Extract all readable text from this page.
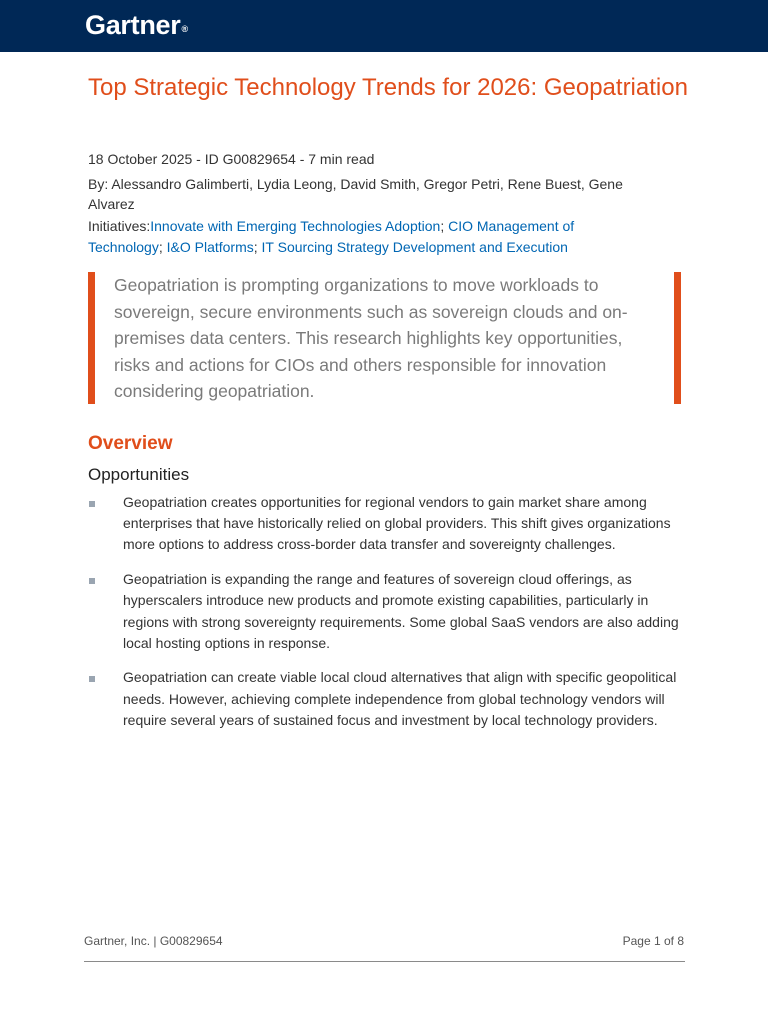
Gartner®
Top Strategic Technology Trends for 2026: Geopatriation
18 October 2025 - ID G00829654 - 7 min read
By: Alessandro Galimberti, Lydia Leong, David Smith, Gregor Petri, Rene Buest, Gene Alvarez
Initiatives:Innovate with Emerging Technologies Adoption; CIO Management of Technology; I&O Platforms; IT Sourcing Strategy Development and Execution

Geopatriation is prompting organizations to move workloads to sovereign, secure environments such as sovereign clouds and on-premises data centers. This research highlights key opportunities, risks and actions for CIOs and others responsible for innovation considering geopatriation.

Overview
Opportunities
Geopatriation creates opportunities for regional vendors to gain market share among enterprises that have historically relied on global providers. This shift gives organizations more options to address cross-border data transfer and sovereignty challenges.
Geopatriation is expanding the range and features of sovereign cloud offerings, as hyperscalers introduce new products and promote existing capabilities, particularly in regions with strong sovereignty requirements. Some global SaaS vendors are also adding local hosting options in response.
Geopatriation can create viable local cloud alternatives that align with specific geopolitical needs. However, achieving complete independence from global technology vendors will require several years of sustained focus and investment by local technology providers.
Gartner, Inc. | G00829654	Page 1 of 8
